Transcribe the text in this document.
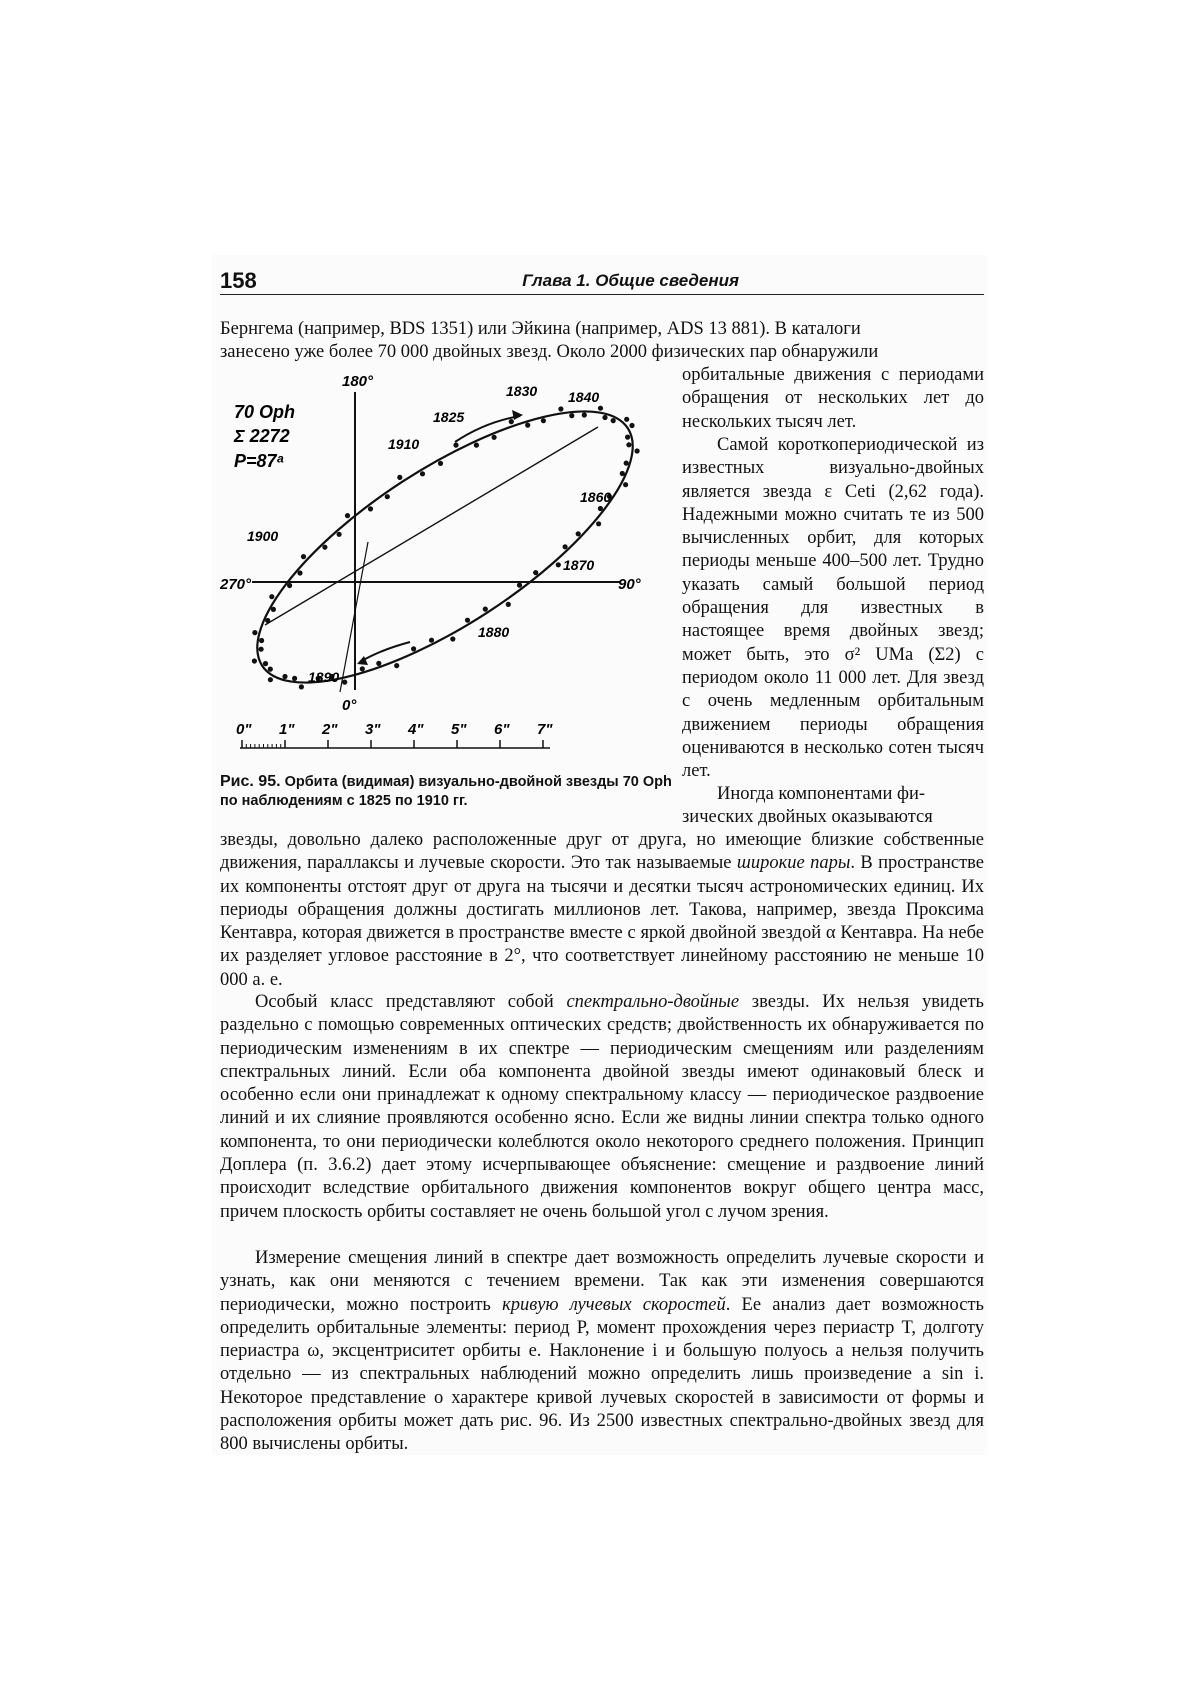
158	Глава 1. Общие сведения

Бернгема (например, BDS 1351) или Эйкина (например, ADS 13 881). В каталоги

занесено уже более 70 000 двойных звезд. Около 2000 физических пар обнаружили

орбитальные движения с периодами обращения от нескольких лет до нескольких тысяч лет.

Самой короткопериодической из известных визуально-двойных является звезда ε Ceti (2,62 года). Надежными можно считать те из 500 вычисленных орбит, для которых периоды меньше 400–500 лет. Трудно указать самый большой период обращения для известных в настоящее время двойных звезд; может быть, это σ² UMa (Σ2) с периодом около 11 000 лет. Для звезд с очень медленным орбитальным движением периоды обращения оцениваются в несколько сотен тысяч лет.

Иногда компонентами фи-

зических двойных оказываются

70 Oph
Σ 2272
P=87ᵃ
180°
90°
270°
0°
1830 1840
1825
1910
1860
1900
1870
1880
1890
0" 1" 2" 3" 4" 5" 6" 7"
Рис. 95. Орбита (видимая) визуально-двойной звезды 70 Oph по наблюдениям с 1825 по 1910 гг.

звезды, довольно далеко расположенные друг от друга, но имеющие близкие собственные движения, параллаксы и лучевые скорости. Это так называемые широкие пары. В пространстве их компоненты отстоят друг от друга на тысячи и десятки тысяч астрономических единиц. Их периоды обращения должны достигать миллионов лет. Такова, например, звезда Проксима Кентавра, которая движется в пространстве вместе с яркой двойной звездой α Кентавра. На небе их разделяет угловое расстояние в 2°, что соответствует линейному расстоянию не меньше 10 000 а. е.

Особый класс представляют собой спектрально-двойные звезды. Их нельзя увидеть раздельно с помощью современных оптических средств; двойственность их обнаруживается по периодическим изменениям в их спектре — периодическим смещениям или разделениям спектральных линий. Если оба компонента двойной звезды имеют одинаковый блеск и особенно если они принадлежат к одному спектральному классу — периодическое раздвоение линий и их слияние проявляются особенно ясно. Если же видны линии спектра только одного компонента, то они периодически колеблются около некоторого среднего положения. Принцип Доплера (п. 3.6.2) дает этому исчерпывающее объяснение: смещение и раздвоение линий происходит вследствие орбитального движения компонентов вокруг общего центра масс, причем плоскость орбиты составляет не очень большой угол с лучом зрения.

Измерение смещения линий в спектре дает возможность определить лучевые скорости и узнать, как они меняются с течением времени. Так как эти изменения совершаются периодически, можно построить кривую лучевых скоростей. Ее анализ дает возможность определить орбитальные элементы: период P, момент прохождения через периастр T, долготу периастра ω, эксцентриситет орбиты e. Наклонение i и большую полуось a нельзя получить отдельно — из спектральных наблюдений можно определить лишь произведение a sin i. Некоторое представление о характере кривой лучевых скоростей в зависимости от формы и расположения орбиты может дать рис. 96. Из 2500 известных спектрально-двойных звезд для 800 вычислены орбиты.
